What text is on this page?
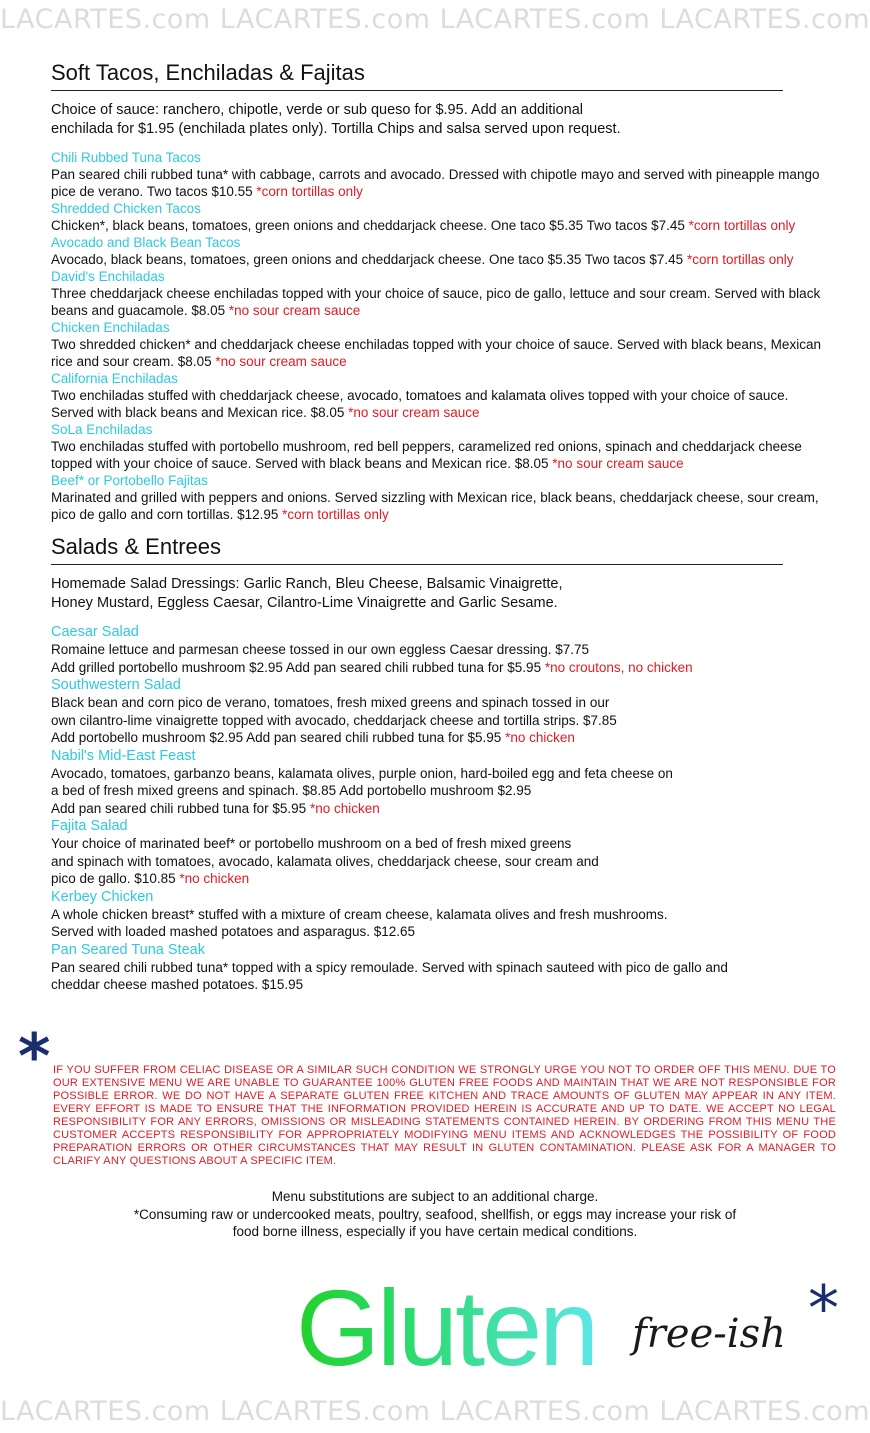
LACARTES.com LACARTES.com LACARTES.com LACARTES.com
Soft Tacos, Enchiladas & Fajitas
Choice of sauce: ranchero, chipotle, verde or sub queso for $.95. Add an additional
enchilada for $1.95 (enchilada plates only). Tortilla Chips and salsa served upon request.
Chili Rubbed Tuna Tacos
Pan seared chili rubbed tuna* with cabbage, carrots and avocado. Dressed with chipotle mayo and served with pineapple mango pice de verano. Two tacos $10.55 *corn tortillas only
Shredded Chicken Tacos
Chicken*, black beans, tomatoes, green onions and cheddarjack cheese. One taco $5.35 Two tacos $7.45 *corn tortillas only
Avocado and Black Bean Tacos
Avocado, black beans, tomatoes, green onions and cheddarjack cheese. One taco $5.35 Two tacos $7.45 *corn tortillas only
David's Enchiladas
Three cheddarjack cheese enchiladas topped with your choice of sauce, pico de gallo, lettuce and sour cream. Served with black beans and guacamole. $8.05 *no sour cream sauce
Chicken Enchiladas
Two shredded chicken* and cheddarjack cheese enchiladas topped with your choice of sauce. Served with black beans, Mexican rice and sour cream. $8.05 *no sour cream sauce
California Enchiladas
Two enchiladas stuffed with cheddarjack cheese, avocado, tomatoes and kalamata olives topped with your choice of sauce. Served with black beans and Mexican rice. $8.05 *no sour cream sauce
SoLa Enchiladas
Two enchiladas stuffed with portobello mushroom, red bell peppers, caramelized red onions, spinach and cheddarjack cheese topped with your choice of sauce. Served with black beans and Mexican rice. $8.05 *no sour cream sauce
Beef* or Portobello Fajitas
Marinated and grilled with peppers and onions. Served sizzling with Mexican rice, black beans, cheddarjack cheese, sour cream, pico de gallo and corn tortillas. $12.95 *corn tortillas only
Salads & Entrees
Homemade Salad Dressings: Garlic Ranch, Bleu Cheese, Balsamic Vinaigrette,
Honey Mustard, Eggless Caesar, Cilantro-Lime Vinaigrette and Garlic Sesame.
Caesar Salad
Romaine lettuce and parmesan cheese tossed in our own eggless Caesar dressing. $7.75
Add grilled portobello mushroom $2.95 Add pan seared chili rubbed tuna for $5.95 *no croutons, no chicken
Southwestern Salad
Black bean and corn pico de verano, tomatoes, fresh mixed greens and spinach tossed in our
own cilantro-lime vinaigrette topped with avocado, cheddarjack cheese and tortilla strips. $7.85
Add portobello mushroom $2.95 Add pan seared chili rubbed tuna for $5.95 *no chicken
Nabil's Mid-East Feast
Avocado, tomatoes, garbanzo beans, kalamata olives, purple onion, hard-boiled egg and feta cheese on
a bed of fresh mixed greens and spinach. $8.85 Add portobello mushroom $2.95
Add pan seared chili rubbed tuna for $5.95 *no chicken
Fajita Salad
Your choice of marinated beef* or portobello mushroom on a bed of fresh mixed greens
and spinach with tomatoes, avocado, kalamata olives, cheddarjack cheese, sour cream and
pico de gallo. $10.85 *no chicken
Kerbey Chicken
A whole chicken breast* stuffed with a mixture of cream cheese, kalamata olives and fresh mushrooms.
Served with loaded mashed potatoes and asparagus. $12.65
Pan Seared Tuna Steak
Pan seared chili rubbed tuna* topped with a spicy remoulade. Served with spinach sauteed with pico de gallo and
cheddar cheese mashed potatoes. $15.95
* IF YOU SUFFER FROM CELIAC DISEASE OR A SIMILAR SUCH CONDITION WE STRONGLY URGE YOU NOT TO ORDER OFF THIS MENU. DUE TO OUR EXTENSIVE MENU WE ARE UNABLE TO GUARANTEE 100% GLUTEN FREE FOODS AND MAINTAIN THAT WE ARE NOT RESPONSIBLE FOR POSSIBLE ERROR. WE DO NOT HAVE A SEPARATE GLUTEN FREE KITCHEN AND TRACE AMOUNTS OF GLUTEN MAY APPEAR IN ANY ITEM. EVERY EFFORT IS MADE TO ENSURE THAT THE INFORMATION PROVIDED HEREIN IS ACCURATE AND UP TO DATE. WE ACCEPT NO LEGAL RESPONSIBILITY FOR ANY ERRORS, OMISSIONS OR MISLEADING STATEMENTS CONTAINED HEREIN. BY ORDERING FROM THIS MENU THE CUSTOMER ACCEPTS RESPONSIBILITY FOR APPROPRIATELY MODIFYING MENU ITEMS AND ACKNOWLEDGES THE POSSIBILITY OF FOOD PREPARATION ERRORS OR OTHER CIRCUMSTANCES THAT MAY RESULT IN GLUTEN CONTAMINATION. PLEASE ASK FOR A MANAGER TO CLARIFY ANY QUESTIONS ABOUT A SPECIFIC ITEM.
Menu substitutions are subject to an additional charge.
*Consuming raw or undercooked meats, poultry, seafood, shellfish, or eggs may increase your risk of
food borne illness, especially if you have certain medical conditions.
Gluten free-ish *
LACARTES.com LACARTES.com LACARTES.com LACARTES.com
